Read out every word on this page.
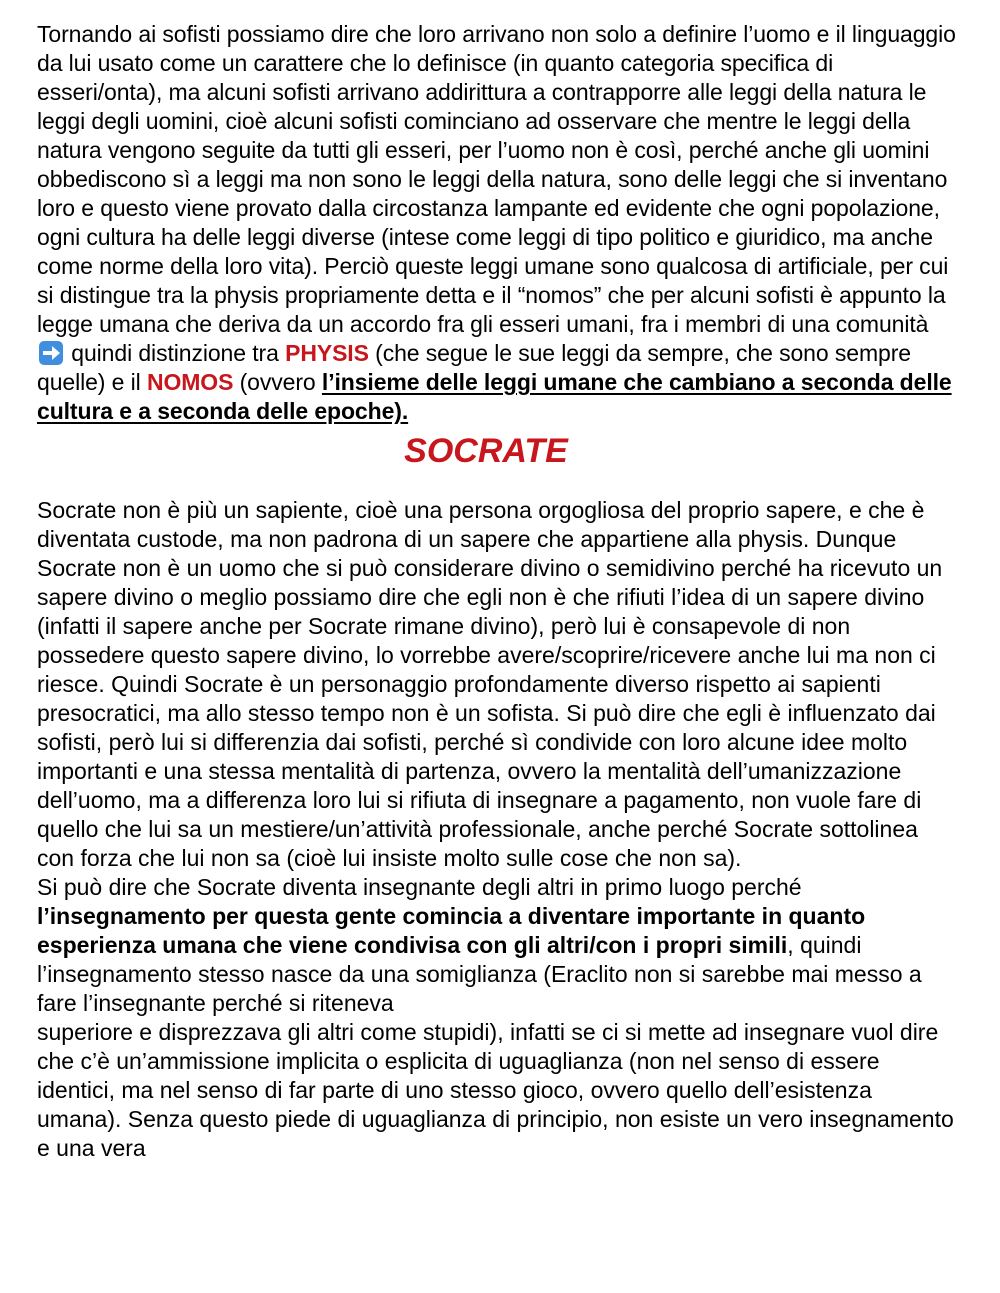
Tornando ai sofisti possiamo dire che loro arrivano non solo a definire l’uomo e il linguaggio da lui usato come un carattere che lo definisce (in quanto categoria specifica di esseri/onta), ma alcuni sofisti arrivano addirittura a contrapporre alle leggi della natura le leggi degli uomini, cioè alcuni sofisti cominciano ad osservare che mentre le leggi della natura vengono seguite da tutti gli esseri, per l’uomo non è così, perché anche gli uomini obbediscono sì a leggi ma non sono le leggi della natura, sono delle leggi che si inventano loro e questo viene provato dalla circostanza lampante ed evidente che ogni popolazione, ogni cultura ha delle leggi diverse (intese come leggi di tipo politico e giuridico, ma anche come norme della loro vita). Perciò queste leggi umane sono qualcosa di artificiale, per cui si distingue tra la physis propriamente detta e il “nomos” che per alcuni sofisti è appunto la legge umana che deriva da un accordo fra gli esseri umani, fra i membri di una comunità  quindi distinzione tra PHYSIS (che segue le sue leggi da sempre, che sono sempre quelle) e il NOMOS (ovvero l’insieme delle leggi umane che cambiano a seconda delle cultura e a seconda delle epoche).

SOCRATE

Socrate non è più un sapiente, cioè una persona orgogliosa del proprio sapere, e che è diventata custode, ma non padrona di un sapere che appartiene alla physis. Dunque Socrate non è un uomo che si può considerare divino o semidivino perché ha ricevuto un sapere divino o meglio possiamo dire che egli non è che rifiuti l’idea di un sapere divino (infatti il sapere anche per Socrate rimane divino), però lui è consapevole di non possedere questo sapere divino, lo vorrebbe avere/scoprire/ricevere anche lui ma non ci riesce. Quindi Socrate è un personaggio profondamente diverso rispetto ai sapienti presocratici, ma allo stesso tempo non è un sofista. Si può dire che egli è influenzato dai sofisti, però lui si differenzia dai sofisti, perché sì condivide con loro alcune idee molto importanti e una stessa mentalità di partenza, ovvero la mentalità dell’umanizzazione dell’uomo, ma a differenza loro lui si rifiuta di insegnare a pagamento, non vuole fare di quello che lui sa un mestiere/un’attività professionale, anche perché Socrate sottolinea con forza che lui non sa (cioè lui insiste molto sulle cose che non sa).

Si può dire che Socrate diventa insegnante degli altri in primo luogo perché l’insegnamento per questa gente comincia a diventare importante in quanto esperienza umana che viene condivisa con gli altri/con i propri simili, quindi l’insegnamento stesso nasce da una somiglianza (Eraclito non si sarebbe mai messo a fare l’insegnante perché si riteneva
superiore e disprezzava gli altri come stupidi), infatti se ci si mette ad insegnare vuol dire che c’è un’ammissione implicita o esplicita di uguaglianza (non nel senso di essere identici, ma nel senso di far parte di uno stesso gioco, ovvero quello dell’esistenza umana). Senza questo piede di uguaglianza di principio, non esiste un vero insegnamento e una vera
